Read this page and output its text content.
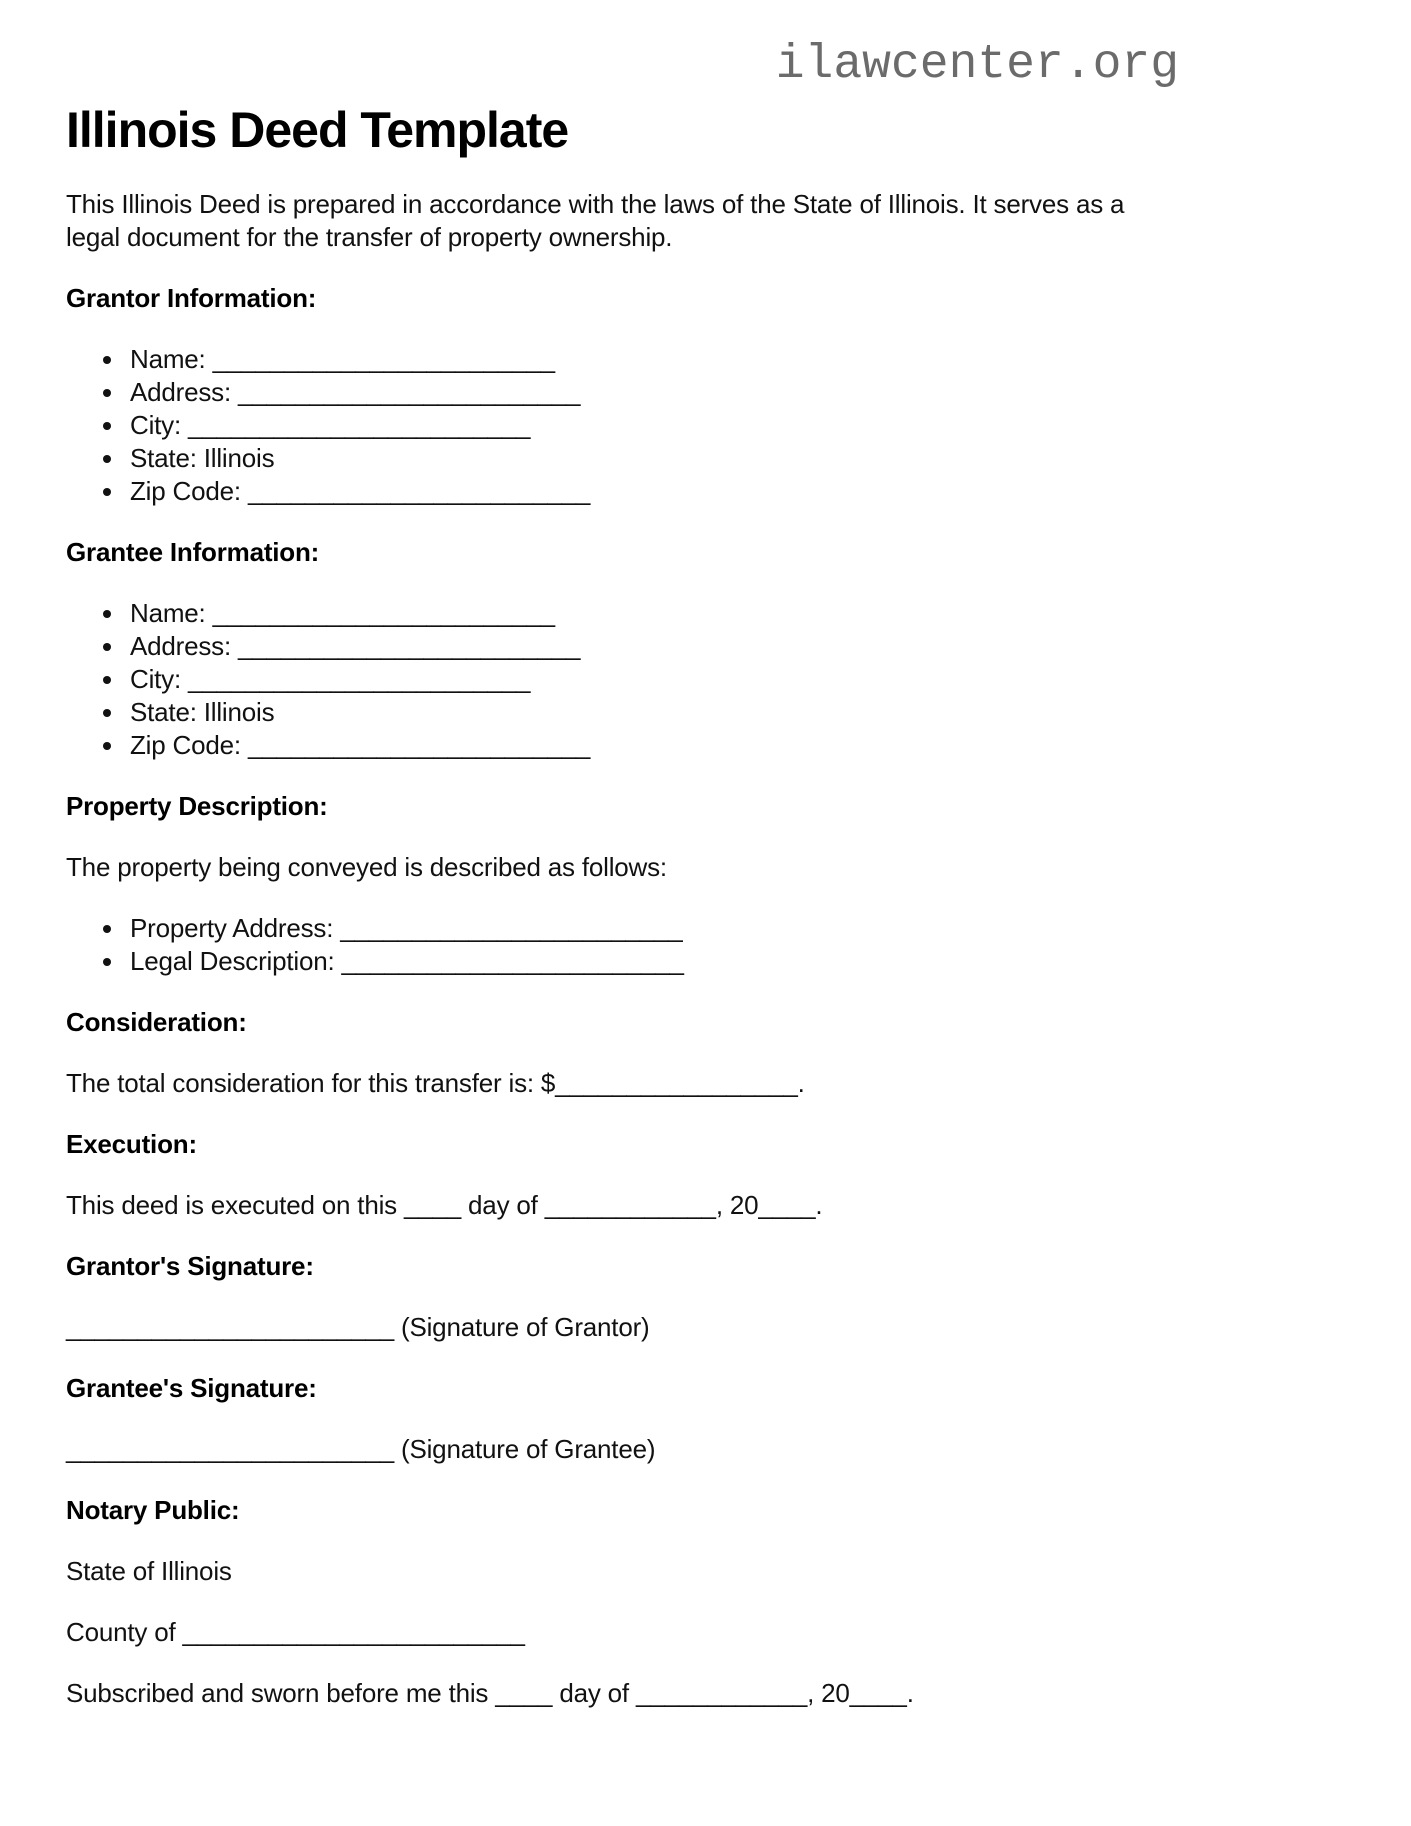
ilawcenter.org
Illinois Deed Template

This Illinois Deed is prepared in accordance with the laws of the State of Illinois. It serves as a legal document for the transfer of property ownership.

Grantor Information:

• Name: ________________________
• Address: ________________________
• City: ________________________
• State: Illinois
• Zip Code: ________________________

Grantee Information:

• Name: ________________________
• Address: ________________________
• City: ________________________
• State: Illinois
• Zip Code: ________________________

Property Description:

The property being conveyed is described as follows:

• Property Address: ________________________
• Legal Description: ________________________

Consideration:

The total consideration for this transfer is: $_________________.

Execution:

This deed is executed on this ____ day of ____________, 20____.

Grantor's Signature:

_______________________ (Signature of Grantor)

Grantee's Signature:

_______________________ (Signature of Grantee)

Notary Public:

State of Illinois

County of ________________________

Subscribed and sworn before me this ____ day of ____________, 20____.
